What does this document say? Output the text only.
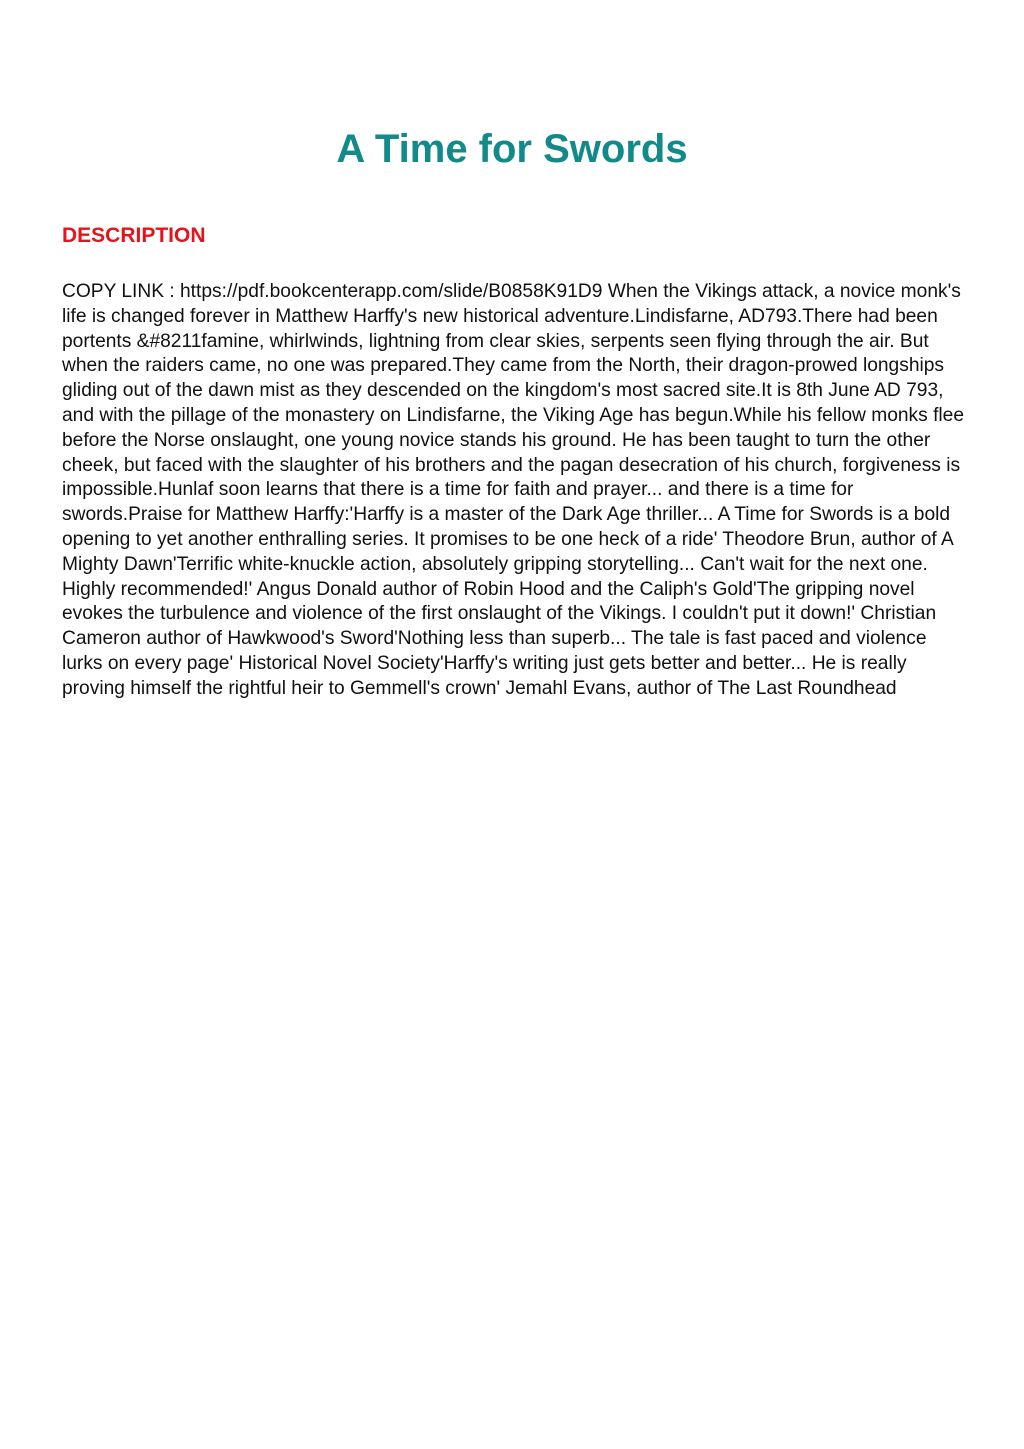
A Time for Swords
DESCRIPTION

COPY LINK : https://pdf.bookcenterapp.com/slide/B0858K91D9 When the Vikings attack, a novice monk's life is changed forever in Matthew Harffy's new historical adventure.Lindisfarne, AD793.There had been portents &#8211famine, whirlwinds, lightning from clear skies, serpents seen flying through the air. But when the raiders came, no one was prepared.They came from the North, their dragon-prowed longships gliding out of the dawn mist as they descended on the kingdom's most sacred site.It is 8th June AD 793, and with the pillage of the monastery on Lindisfarne, the Viking Age has begun.While his fellow monks flee before the Norse onslaught, one young novice stands his ground. He has been taught to turn the other cheek, but faced with the slaughter of his brothers and the pagan desecration of his church, forgiveness is impossible.Hunlaf soon learns that there is a time for faith and prayer... and there is a time for swords.Praise for Matthew Harffy:'Harffy is a master of the Dark Age thriller... A Time for Swords is a bold opening to yet another enthralling series. It promises to be one heck of a ride' Theodore Brun, author of A Mighty Dawn'Terrific white-knuckle action, absolutely gripping storytelling... Can't wait for the next one. Highly recommended!' Angus Donald author of Robin Hood and the Caliph's Gold'The gripping novel evokes the turbulence and violence of the first onslaught of the Vikings. I couldn't put it down!' Christian Cameron author of Hawkwood's Sword'Nothing less than superb... The tale is fast paced and violence lurks on every page' Historical Novel Society'Harffy's writing just gets better and better... He is really proving himself the rightful heir to Gemmell's crown' Jemahl Evans, author of The Last Roundhead
